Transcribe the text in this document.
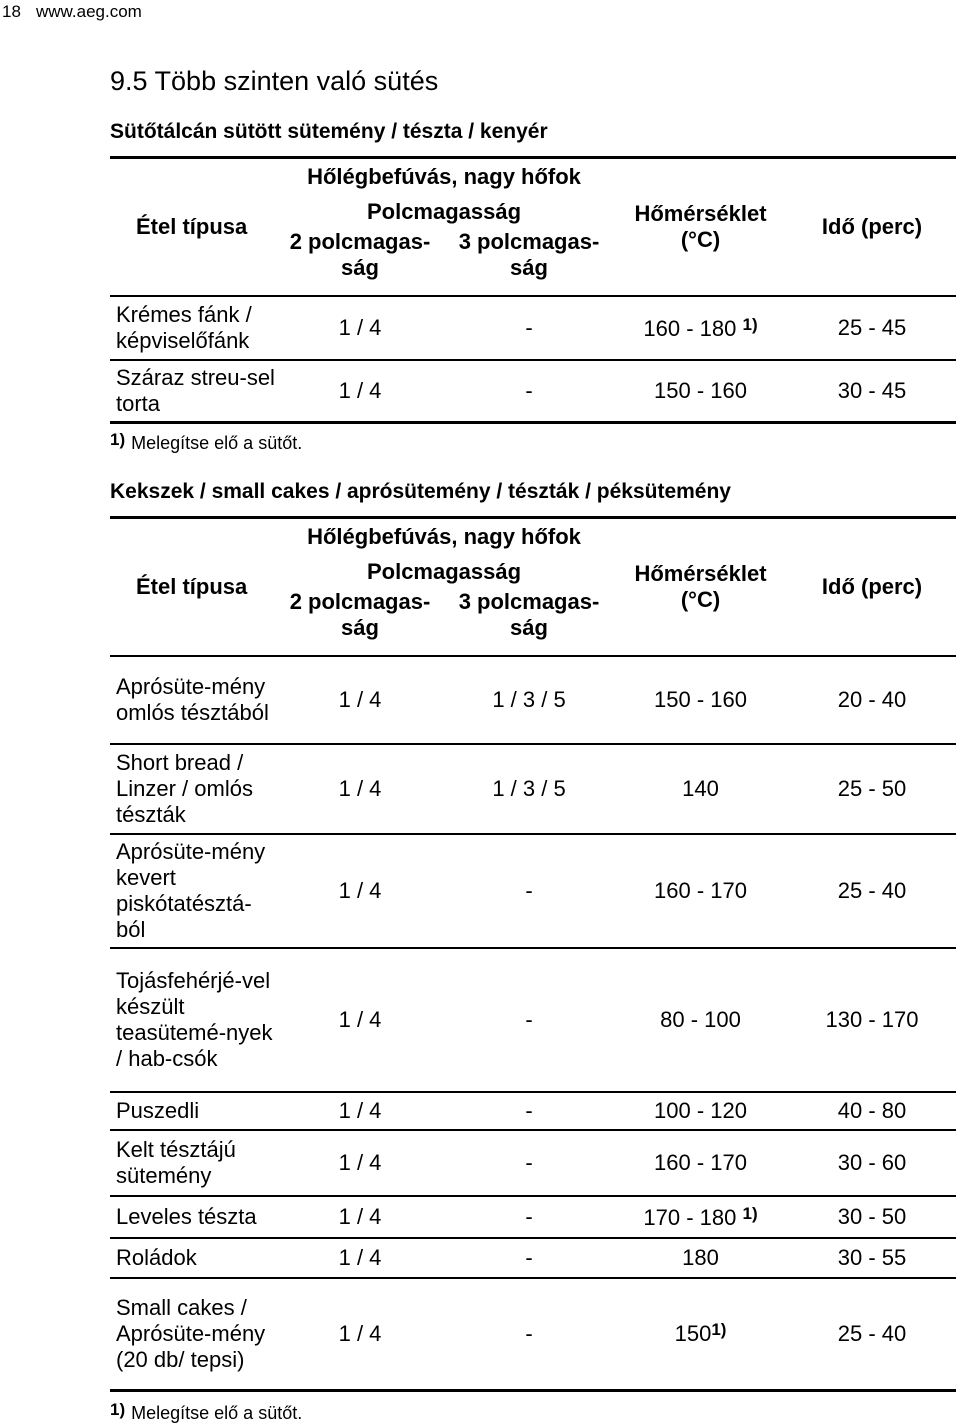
18 www.aeg.com
9.5 Több szinten való sütés
Sütőtálcán sütött sütemény / tészta / kenyér
Étel típusa	Hőlégbefúvás, nagy hőfok		Hőmérséklet (°C)	Idő (perc)
	Polcmagasság			
	2 polcmagas-ság	3 polcmagas-ság		
Krémes fánk / képviselőfánk	1 / 4	-	160 - 180 $^{1)}$	25 - 45
Száraz streu-sel torta	1 / 4	-	150 - 160	30 - 45
1) Melegítse elő a sütőt.
Kekszek / small cakes / aprósütemény / tészták / péksütemény
Étel típusa	Hőlégbefúvás, nagy hőfok		Hőmérséklet (°C)	Idő (perc)
	Polcmagasság			
	2 polcmagas-ság	3 polcmagas-ság		
Aprósüte-mény omlós tésztából	1 / 4	1 / 3 / 5	150 - 160	20 - 40
Short bread / Linzer / omlós tészták	1 / 4	1 / 3 / 5	140	25 - 50
Aprósüte-mény kevert piskótatésztá-ból	1 / 4	-	160 - 170	25 - 40
Tojásfehérjé-vel készült teasütemé-nyek / hab-csók	1 / 4	-	80 - 100	130 - 170
Puszedli	1 / 4	-	100 - 120	40 - 80
Kelt tésztájú sütemény	1 / 4	-	160 - 170	30 - 60
Leveles tészta	1 / 4	-	170 - 180 $^{1)}$	30 - 50
Roládok	1 / 4	-	180	30 - 55
Small cakes / Aprósüte-mény (20 db/ tepsi)	1 / 4	-	150$^{1)}$	25 - 40
1) Melegítse elő a sütőt.
